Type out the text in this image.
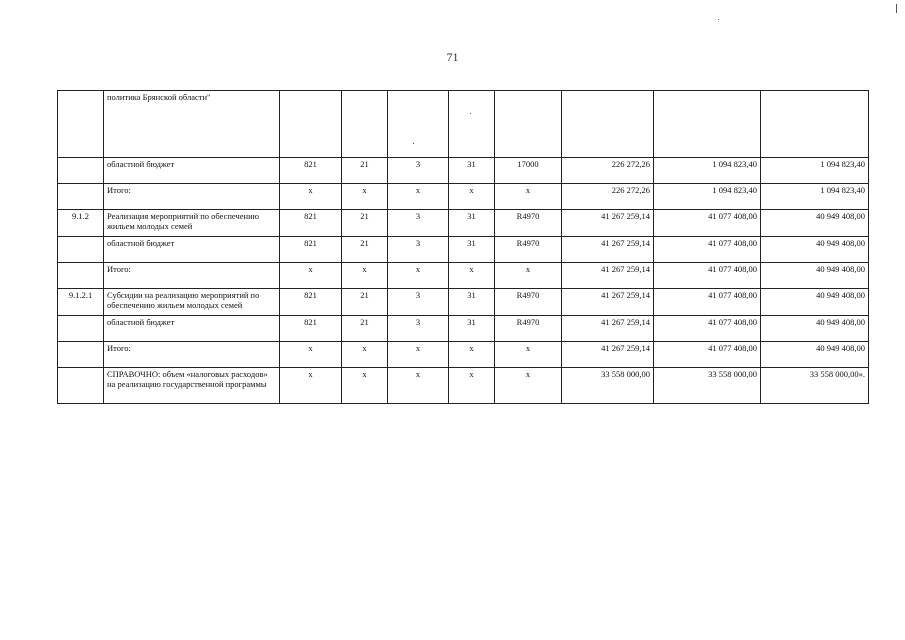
71
	политика Брянской области"								
	областной бюджет	821	21	3	31	17000	226 272,26	1 094 823,40	1 094 823,40
	Итого:	х	х	х	х	х	226 272,26	1 094 823,40	1 094 823,40
9.1.2	Реализация мероприятий по обеспечению жильем молодых семей	821	21	3	31	R4970	41 267 259,14	41 077 408,00	40 949 408,00
	областной бюджет	821	21	3	31	R4970	41 267 259,14	41 077 408,00	40 949 408,00
	Итого:	х	х	х	х	х	41 267 259,14	41 077 408,00	40 949 408,00
9.1.2.1	Субсидии на реализацию мероприятий по обеспечению жильем молодых семей	821	21	3	31	R4970	41 267 259,14	41 077 408,00	40 949 408,00
	областной бюджет	821	21	3	31	R4970	41 267 259,14	41 077 408,00	40 949 408,00
	Итого:	х	х	х	х	х	41 267 259,14	41 077 408,00	40 949 408,00
	СПРАВОЧНО: объем «налоговых расходов» на реализацию государственной программы	х	х	х	х	х	33 558 000,00	33 558 000,00	33 558 000,00».
